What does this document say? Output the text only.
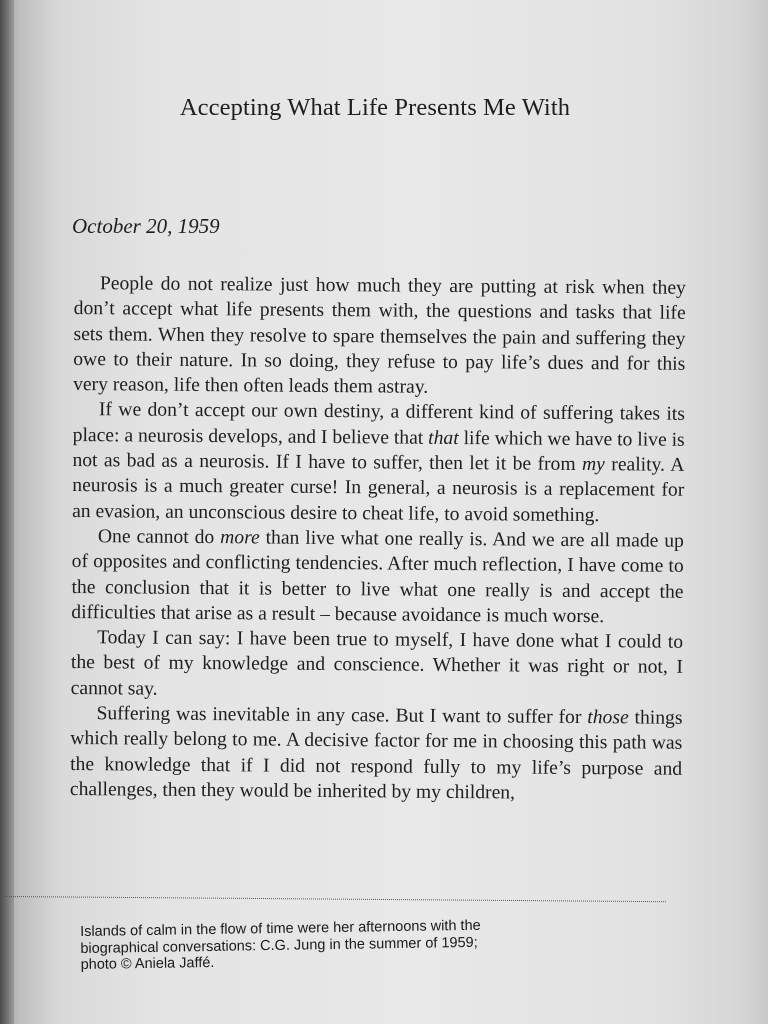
Accepting What Life Presents Me With

October 20, 1959

People do not realize just how much they are putting at risk when they don’t accept what life presents them with, the questions and tasks that life sets them. When they resolve to spare themselves the pain and suffering they owe to their nature. In so doing, they refuse to pay life’s dues and for this very reason, life then often leads them astray.

If we don’t accept our own destiny, a different kind of suffering takes its place: a neurosis develops, and I believe that that life which we have to live is not as bad as a neurosis. If I have to suffer, then let it be from my reality. A neurosis is a much greater curse! In general, a neurosis is a replacement for an evasion, an unconscious desire to cheat life, to avoid something.

One cannot do more than live what one really is. And we are all made up of opposites and conflicting tendencies. After much reflection, I have come to the conclusion that it is better to live what one really is and accept the difficulties that arise as a result – because avoidance is much worse.

Today I can say: I have been true to myself, I have done what I could to the best of my knowledge and conscience. Whether it was right or not, I cannot say.

Suffering was inevitable in any case. But I want to suffer for those things which really belong to me. A decisive factor for me in choosing this path was the knowledge that if I did not respond fully to my life’s purpose and challenges, then they would be inherited by my children,

Islands of calm in the flow of time were her afternoons with the
biographical conversations: C.G. Jung in the summer of 1959;
photo © Aniela Jaffé.
